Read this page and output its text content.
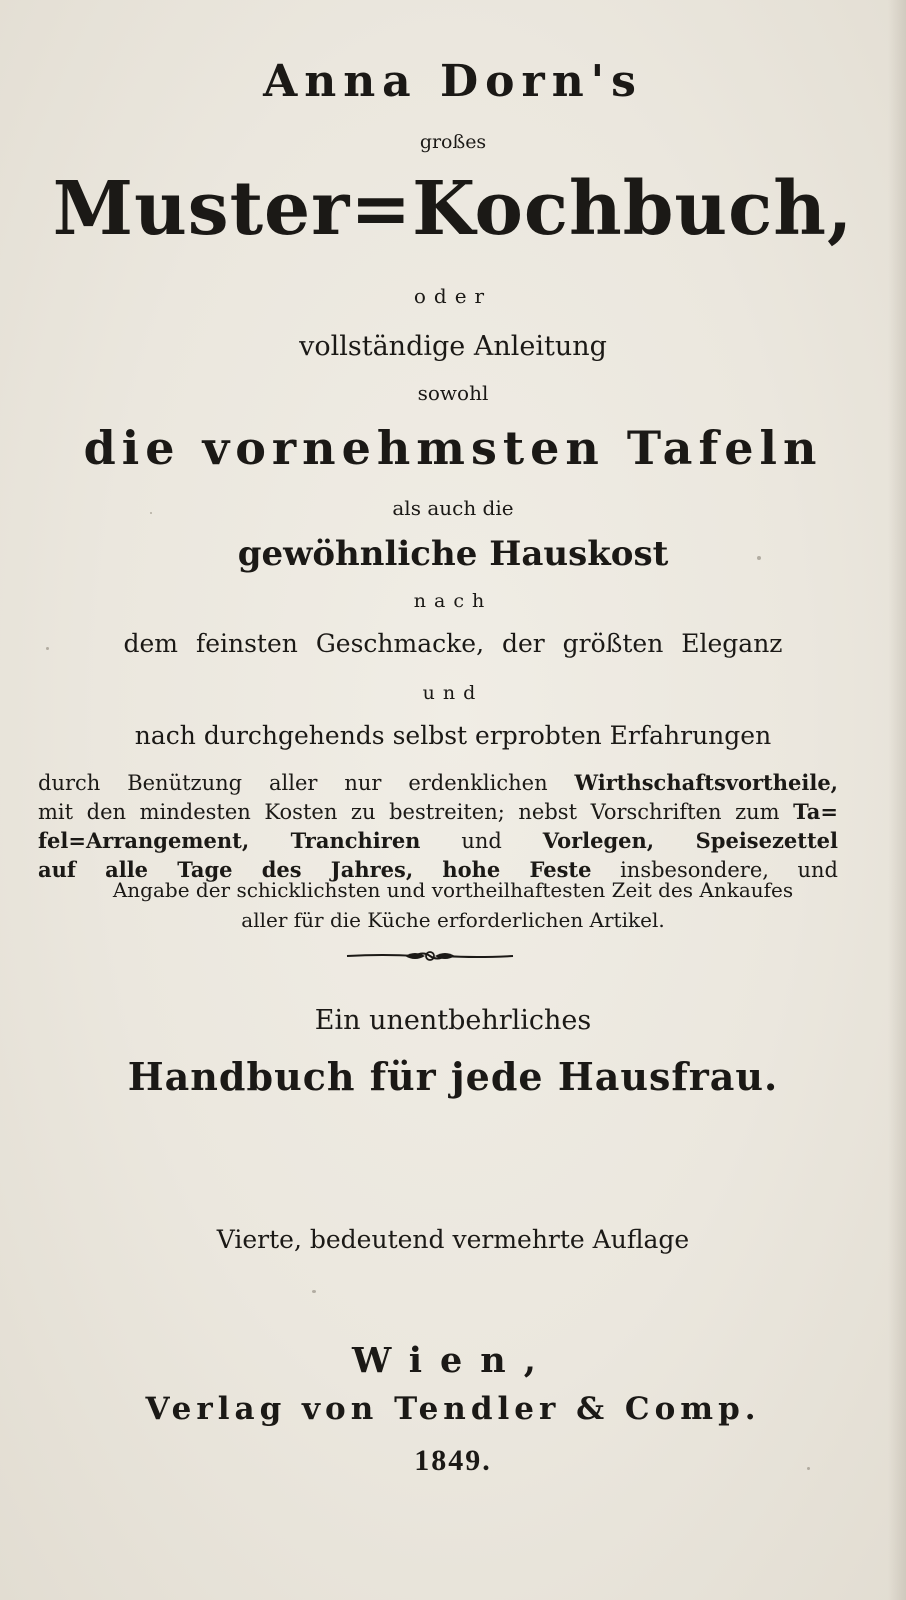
Anna Dorn's
großes
Muster=Kochbuch,
oder
vollständige Anleitung
sowohl
die vornehmsten Tafeln
als auch die
gewöhnliche Hauskost
nach
dem feinsten Geschmacke, der größten Eleganz
und
nach durchgehends selbst erprobten Erfahrungen
durch Benützung aller nur erdenklichen Wirthschaftsvortheile,
mit den mindesten Kosten zu bestreiten; nebst Vorschriften zum Ta=
fel=Arrangement, Tranchiren und Vorlegen, Speisezettel
auf alle Tage des Jahres, hohe Feste insbesondere, und
Angabe der schicklichsten und vortheilhaftesten Zeit des Ankaufes
aller für die Küche erforderlichen Artikel.
Ein unentbehrliches
Handbuch für jede Hausfrau.
Vierte, bedeutend vermehrte Auflage
Wien,
Verlag von Tendler & Comp.
1849.
